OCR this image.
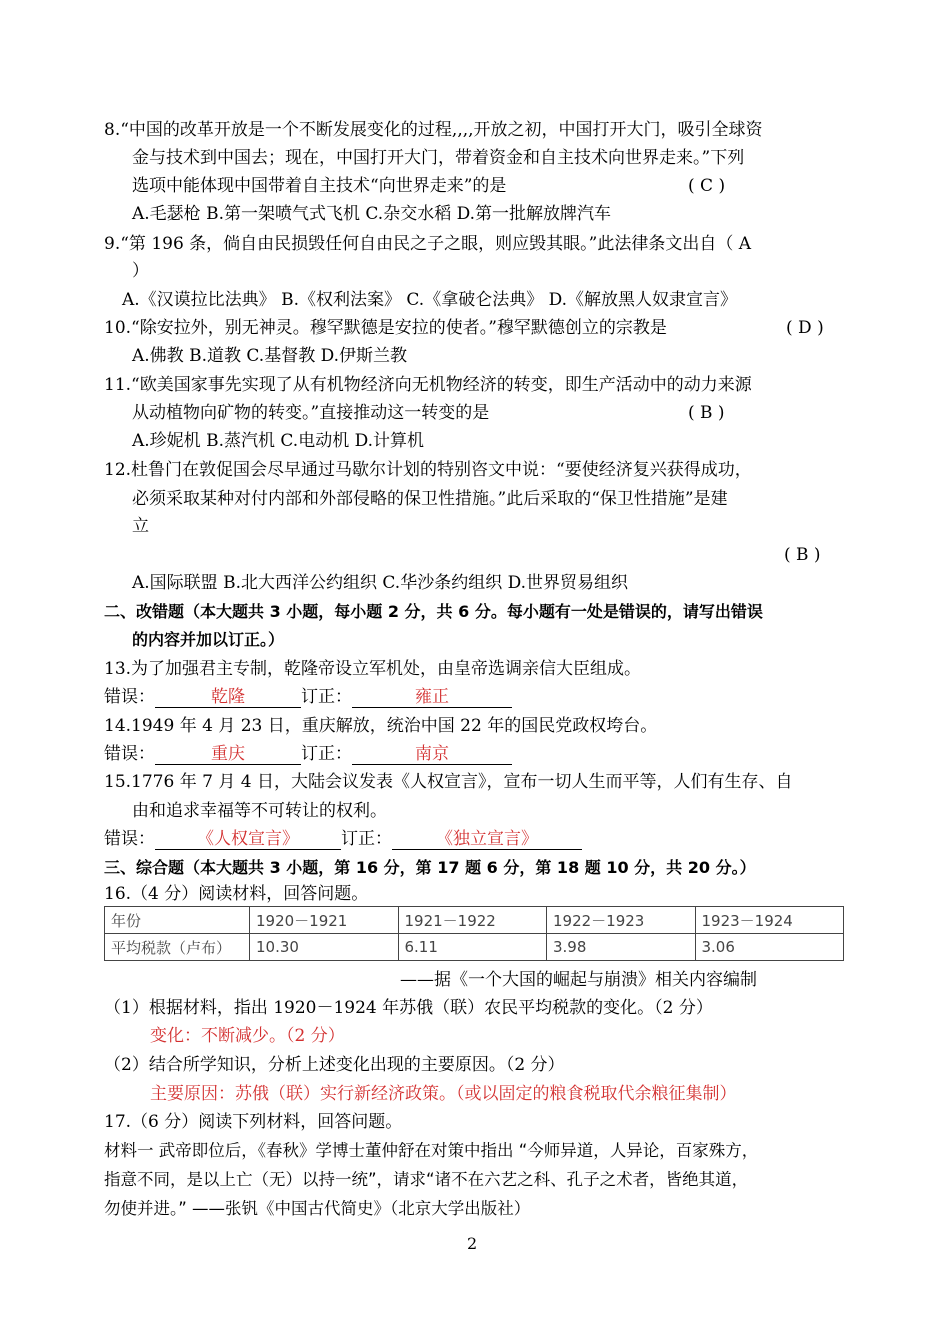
8.“中国的改革开放是一个不断发展变化的过程,,,,开放之初，中国打开大门，吸引全球资
金与技术到中国去；现在，中国打开大门，带着资金和自主技术向世界走来。”下列
选项中能体现中国带着自主技术“向世界走来”的是	( C )
A.毛瑟枪 B.第一架喷气式飞机 C.杂交水稻 D.第一批解放牌汽车
9.“第 196 条，倘自由民损毁任何自由民之子之眼，则应毁其眼。”此法律条文出自（ A
）
A.《汉谟拉比法典》 B.《权利法案》 C.《拿破仑法典》 D.《解放黑人奴隶宣言》
10.“除安拉外，别无神灵。穆罕默德是安拉的使者。”穆罕默德创立的宗教是	( D )
A.佛教 B.道教 C.基督教 D.伊斯兰教
11.“欧美国家事先实现了从有机物经济向无机物经济的转变，即生产活动中的动力来源
从动植物向矿物的转变。”直接推动这一转变的是	( B )
A.珍妮机 B.蒸汽机 C.电动机 D.计算机
12.杜鲁门在敦促国会尽早通过马歇尔计划的特别咨文中说：“要使经济复兴获得成功，
必须采取某种对付内部和外部侵略的保卫性措施。”此后采取的“保卫性措施”是建
立
( B )
A.国际联盟 B.北大西洋公约组织 C.华沙条约组织 D.世界贸易组织
二、改错题（本大题共 3 小题，每小题 2 分，共 6 分。每小题有一处是错误的，请写出错误
的内容并加以订正。）
13.为了加强君主专制，乾隆帝设立军机处，由皇帝选调亲信大臣组成。
错误：	乾隆	订正：	雍正
14.1949 年 4 月 23 日，重庆解放，统治中国 22 年的国民党政权垮台。
错误：	重庆	订正：	南京
15.1776 年 7 月 4 日，大陆会议发表《人权宣言》，宣布一切人生而平等，人们有生存、自
由和追求幸福等不可转让的权利。
错误： 《人权宣言》 订正：	《独立宣言》
三、综合题（本大题共 3 小题，第 16 分，第 17 题 6 分，第 18 题 10 分，共 20 分。）
16.（4 分）阅读材料，回答问题。
年份	1920－1921	1921－1922	1922－1923	1923－1924
平均税款（卢布）	10.30	6.11	3.98	3.06
——据《一个大国的崛起与崩溃》相关内容编制
（1）根据材料，指出 1920－1924 年苏俄（联）农民平均税款的变化。（2 分）
变化：不断减少。（2 分）
（2）结合所学知识，分析上述变化出现的主要原因。（2 分）
主要原因：苏俄（联）实行新经济政策。（或以固定的粮食税取代余粮征集制）
17.（6 分）阅读下列材料，回答问题。
材料一 武帝即位后，《春秋》学博士董仲舒在对策中指出 “今师异道，人异论，百家殊方，
指意不同，是以上亡（无）以持一统”，请求“诸不在六艺之科、孔子之术者，皆绝其道，
勿使并进。” ——张钒《中国古代简史》（北京大学出版社）
2
